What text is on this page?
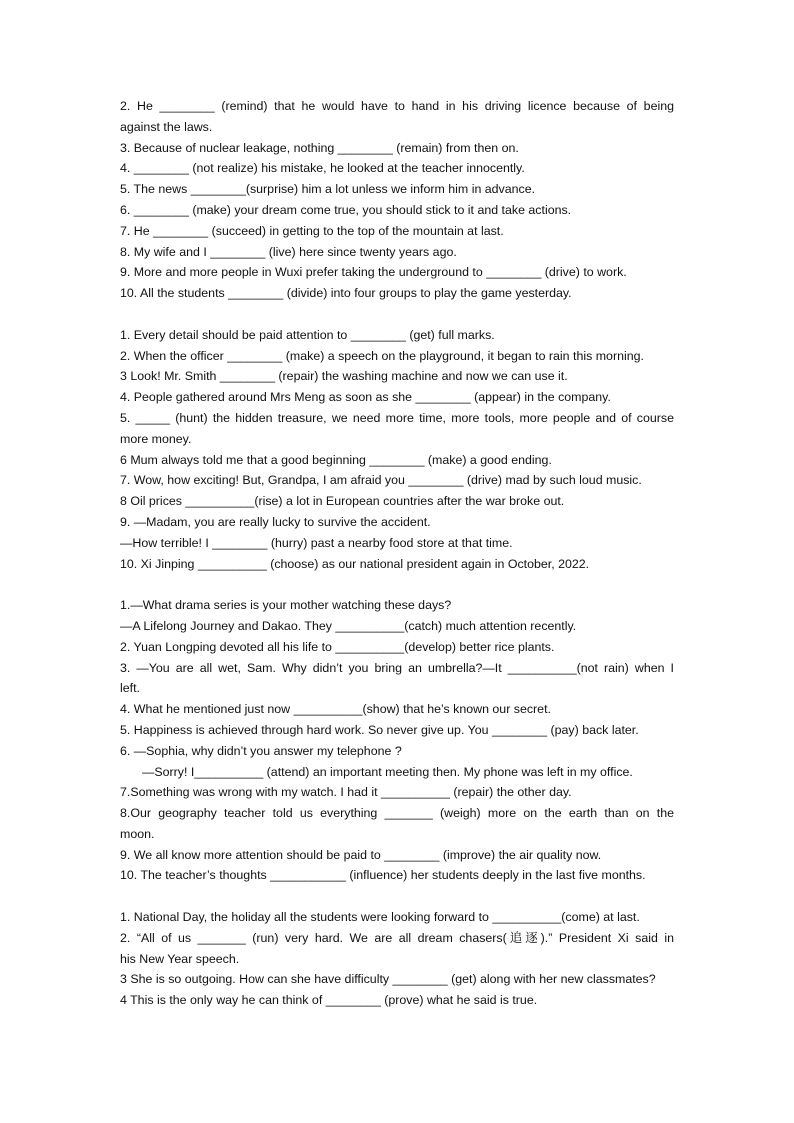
2. He ________ (remind) that he would have to hand in his driving licence because of being
against the laws.
3. Because of nuclear leakage, nothing ________ (remain) from then on.
4. ________ (not realize) his mistake, he looked at the teacher innocently.
5. The news ________(surprise) him a lot unless we inform him in advance.
6. ________ (make) your dream come true, you should stick to it and take actions.
7. He ________ (succeed) in getting to the top of the mountain at last.
8. My wife and I ________ (live) here since twenty years ago.
9. More and more people in Wuxi prefer taking the underground to ________ (drive) to work.
10. All the students ________ (divide) into four groups to play the game yesterday.
1. Every detail should be paid attention to ________ (get) full marks.
2. When the officer ________ (make) a speech on the playground, it began to rain this morning.
3 Look! Mr. Smith ________ (repair) the washing machine and now we can use it.
4. People gathered around Mrs Meng as soon as she ________ (appear) in the company.
5. _____ (hunt) the hidden treasure, we need more time, more tools, more people and of course
more money.
6 Mum always told me that a good beginning ________ (make) a good ending.
7. Wow, how exciting! But, Grandpa, I am afraid you ________ (drive) mad by such loud music.
8 Oil prices __________(rise) a lot in European countries after the war broke out.
9. —Madam, you are really lucky to survive the accident.
—How terrible! I ________ (hurry) past a nearby food store at that time.
10. Xi Jinping __________ (choose) as our national president again in October, 2022.
1.—What drama series is your mother watching these days?
—A Lifelong Journey and Dakao. They __________(catch) much attention recently.
2. Yuan Longping devoted all his life to __________(develop) better rice plants.
3. —You are all wet, Sam. Why didn’t you bring an umbrella?—It __________(not rain) when I
left.
4. What he mentioned just now __________(show) that he’s known our secret.
5. Happiness is achieved through hard work. So never give up. You ________ (pay) back later.
6. —Sophia, why didn’t you answer my telephone ?
—Sorry! I__________ (attend) an important meeting then. My phone was left in my office.
7.Something was wrong with my watch. I had it __________ (repair) the other day.
8.Our geography teacher told us everything _______ (weigh) more on the earth than on the
moon.
9. We all know more attention should be paid to ________ (improve) the air quality now.
10. The teacher’s thoughts ___________ (influence) her students deeply in the last five months.
1. National Day, the holiday all the students were looking forward to __________(come) at last.
2. “All of us _______ (run) very hard. We are all dream chasers(追逐).” President Xi said in
his New Year speech.
3 She is so outgoing. How can she have difficulty ________ (get) along with her new classmates?
4 This is the only way he can think of ________ (prove) what he said is true.
